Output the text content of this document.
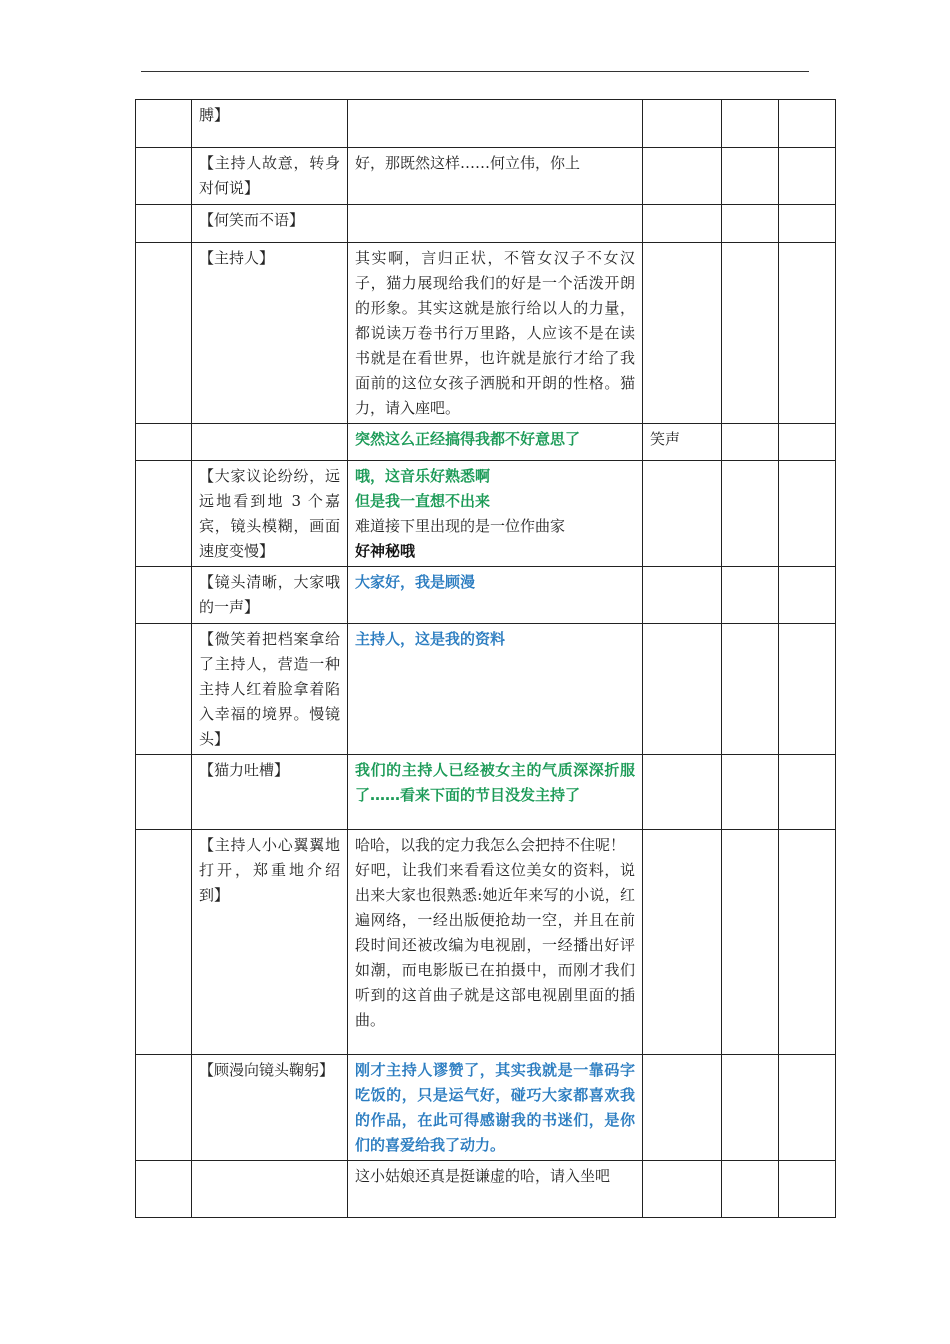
	膊】				
	【主持人故意，转身对何说】	好，那既然这样……何立伟，你上			

	【何笑而不语】				
	【主持人】	其实啊，言归正状，不管女汉子不女汉子，猫力展现给我们的好是一个活泼开朗的形象。其实这就是旅行给以人的力量，都说读万卷书行万里路，人应该不是在读书就是在看世界，也许就是旅行才给了我面前的这位女孩子洒脱和开朗的性格。猫力，请入座吧。			

		突然这么正经搞得我都不好意思了	笑声		
	【大家议论纷纷，远远地看到地 3 个嘉宾，镜头模糊，画面速度变慢】	哦，这音乐好熟悉啊
但是我一直想不出来
难道接下里出现的是一位作曲家
好神秘哦			

	【镜头清晰，大家哦的一声】	大家好，我是顾漫			

	【微笑着把档案拿给了主持人，营造一种主持人红着脸拿着陷入幸福的境界。慢镜头】	主持人，这是我的资料			

	【猫力吐槽】	我们的主持人已经被女主的气质深深折服了……看来下面的节目没发主持了			

	【主持人小心翼翼地打开，郑重地介绍到】	哈哈，以我的定力我怎么会把持不住呢！
好吧，让我们来看看这位美女的资料，说出来大家也很熟悉:她近年来写的小说，红遍网络，一经出版便抢劫一空，并且在前段时间还被改编为电视剧，一经播出好评如潮，而电影版已在拍摄中，而刚才我们听到的这首曲子就是这部电视剧里面的插曲。			

	【顾漫向镜头鞠躬】	刚才主持人谬赞了，其实我就是一靠码字吃饭的，只是运气好，碰巧大家都喜欢我的作品，在此可得感谢我的书迷们，是你们的喜爱给我了动力。			

		这小姑娘还真是挺谦虚的哈，请入坐吧			
